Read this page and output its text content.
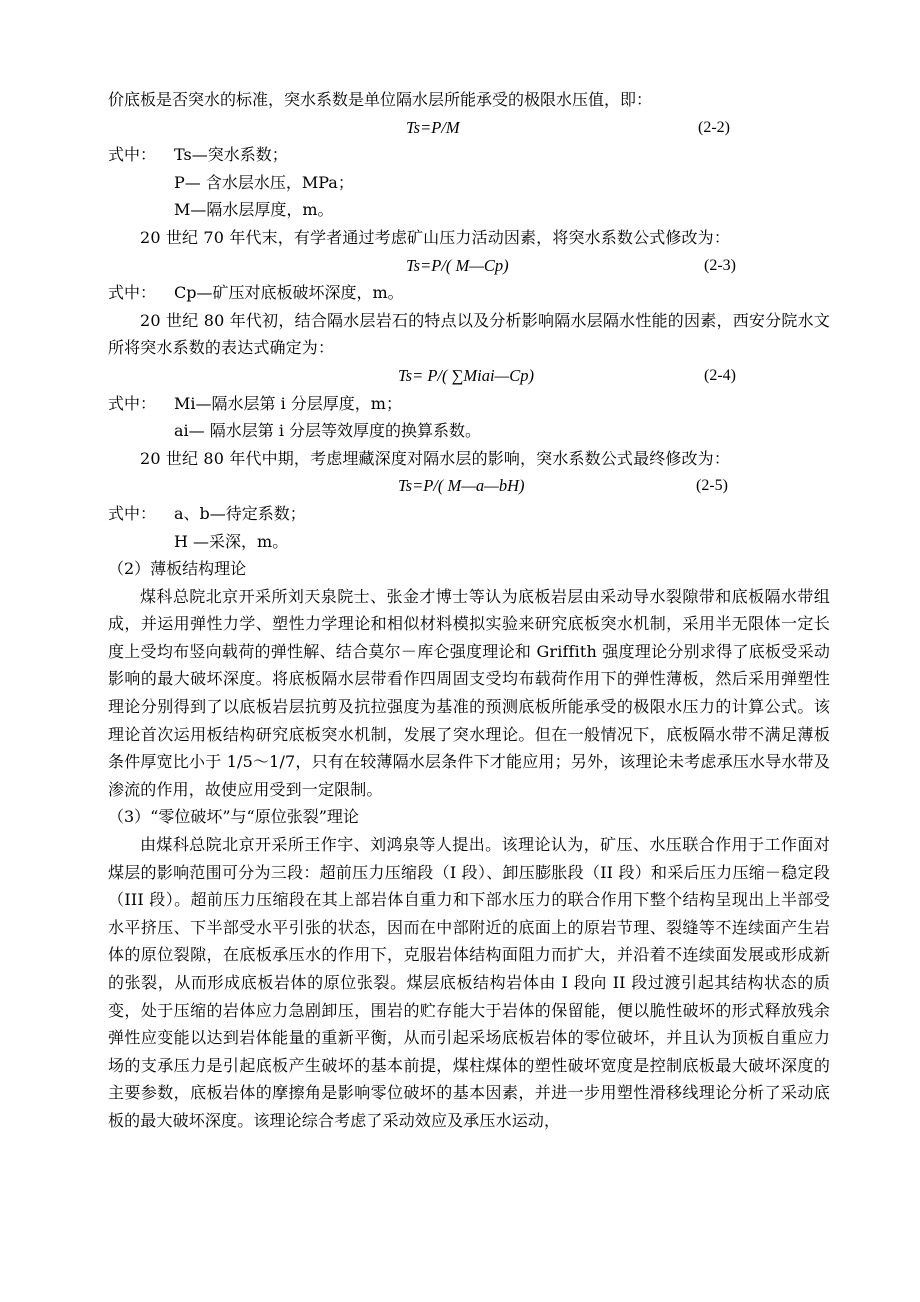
价底板是否突水的标准，突水系数是单位隔水层所能承受的极限水压值，即：
Ts=P/M	(2-2)
式中： Ts—突水系数；
P— 含水层水压，MPa；
M—隔水层厚度，m。

20 世纪 70 年代末，有学者通过考虑矿山压力活动因素，将突水系数公式修改为：

Ts=P/( M—Cp)	(2-3)
式中： Cp—矿压对底板破坏深度，m。

20 世纪 80 年代初，结合隔水层岩石的特点以及分析影响隔水层隔水性能的因素，西安分院水文所将突水系数的表达式确定为：

Ts= P/( ∑Miai—Cp)	(2-4)
式中： Mi—隔水层第 i 分层厚度，m；
ai— 隔水层第 i 分层等效厚度的换算系数。

20 世纪 80 年代中期，考虑埋藏深度对隔水层的影响，突水系数公式最终修改为：

Ts=P/( M—a—bH)	(2-5)
式中： a、b—待定系数；
H —采深，m。

（2）薄板结构理论

煤科总院北京开采所刘天泉院士、张金才博士等认为底板岩层由采动导水裂隙带和底板隔水带组成，并运用弹性力学、塑性力学理论和相似材料模拟实验来研究底板突水机制，采用半无限体一定长度上受均布竖向载荷的弹性解、结合莫尔－库仑强度理论和 Griffith 强度理论分别求得了底板受采动影响的最大破坏深度。将底板隔水层带看作四周固支受均布载荷作用下的弹性薄板，然后采用弹塑性理论分别得到了以底板岩层抗剪及抗拉强度为基准的预测底板所能承受的极限水压力的计算公式。该理论首次运用板结构研究底板突水机制，发展了突水理论。但在一般情况下，底板隔水带不满足薄板条件厚宽比小于 1/5～1/7，只有在较薄隔水层条件下才能应用；另外，该理论未考虑承压水导水带及渗流的作用，故使应用受到一定限制。

（3）“零位破坏”与“原位张裂”理论

由煤科总院北京开采所王作宇、刘鸿泉等人提出。该理论认为，矿压、水压联合作用于工作面对煤层的影响范围可分为三段：超前压力压缩段（I 段）、卸压膨胀段（II 段）和采后压力压缩－稳定段（III 段）。超前压力压缩段在其上部岩体自重力和下部水压力的联合作用下整个结构呈现出上半部受水平挤压、下半部受水平引张的状态，因而在中部附近的底面上的原岩节理、裂缝等不连续面产生岩体的原位裂隙，在底板承压水的作用下，克服岩体结构面阻力而扩大，并沿着不连续面发展或形成新的张裂，从而形成底板岩体的原位张裂。煤层底板结构岩体由 I 段向 II 段过渡引起其结构状态的质变，处于压缩的岩体应力急剧卸压，围岩的贮存能大于岩体的保留能，便以脆性破坏的形式释放残余弹性应变能以达到岩体能量的重新平衡，从而引起采场底板岩体的零位破坏，并且认为顶板自重应力场的支承压力是引起底板产生破坏的基本前提，煤柱煤体的塑性破坏宽度是控制底板最大破坏深度的主要参数，底板岩体的摩擦角是影响零位破坏的基本因素，并进一步用塑性滑移线理论分析了采动底板的最大破坏深度。该理论综合考虑了采动效应及承压水运动，
